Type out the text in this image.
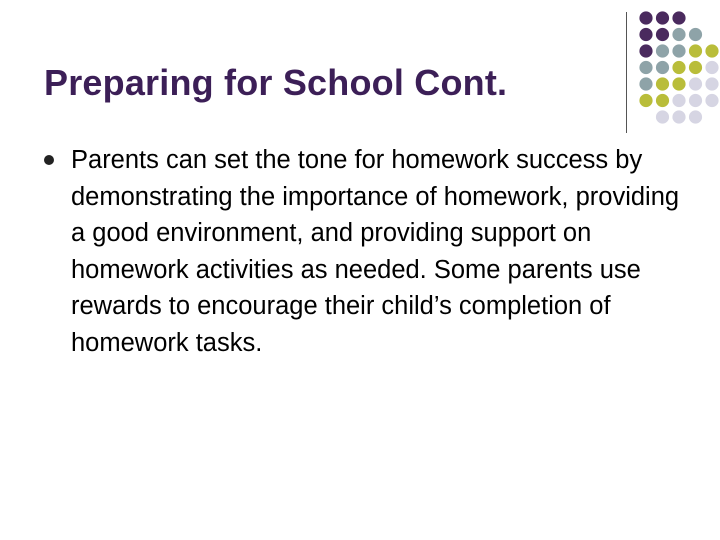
Preparing for School Cont.
Parents can set the tone for homework success by demonstrating the importance of homework, providing a good environment, and providing support on homework activities as needed. Some parents use rewards to encourage their child’s completion of homework tasks.
